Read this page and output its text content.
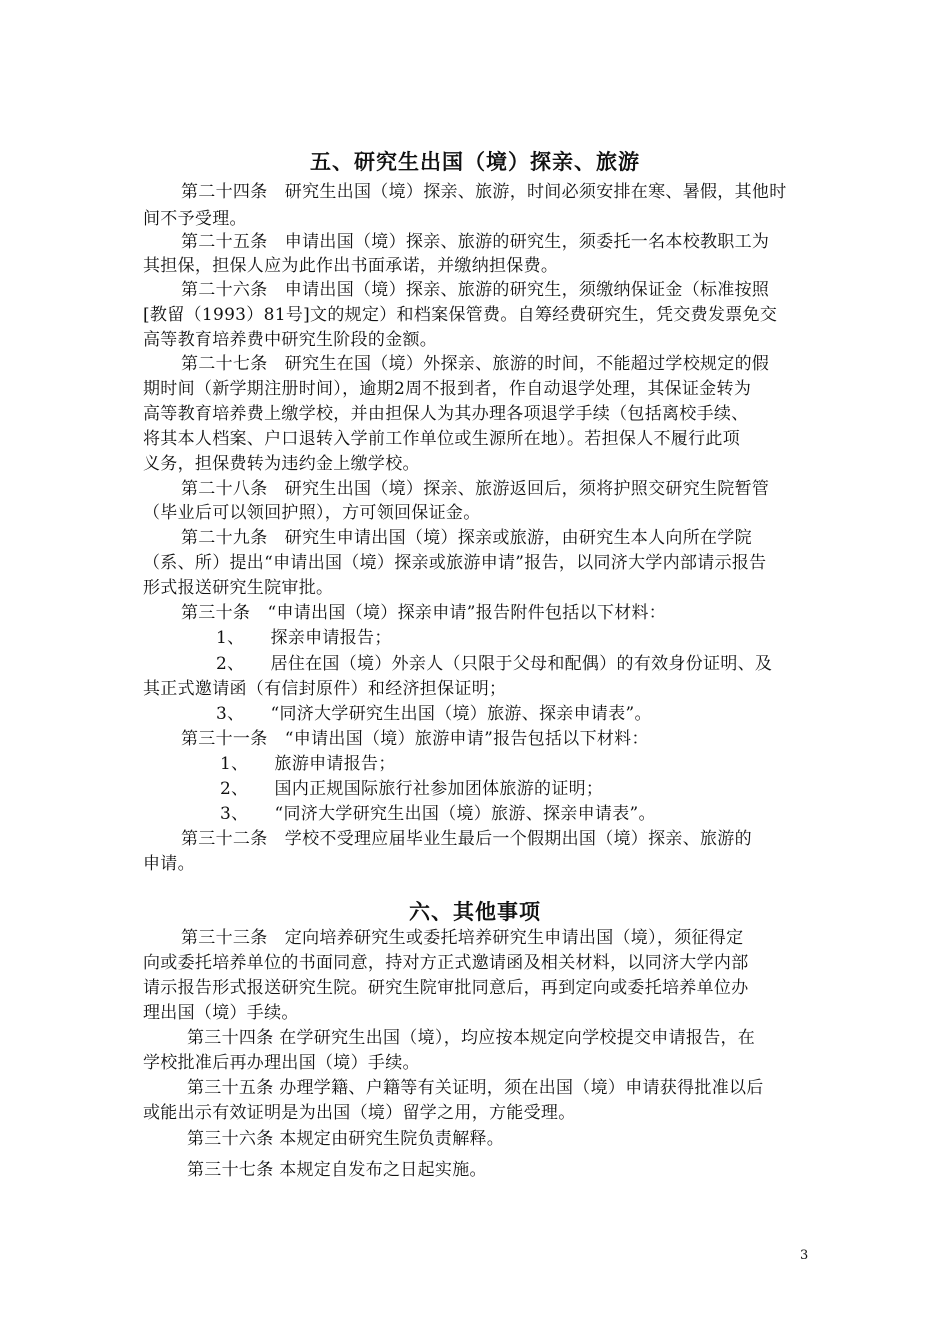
五、研究生出国（境）探亲、旅游
第二十四条　研究生出国（境）探亲、旅游，时间必须安排在寒、暑假，其他时
间不予受理。
第二十五条　申请出国（境）探亲、旅游的研究生，须委托一名本校教职工为
其担保，担保人应为此作出书面承诺，并缴纳担保费。
第二十六条　申请出国（境）探亲、旅游的研究生，须缴纳保证金（标准按照
[教留（1993）81号]文的规定）和档案保管费。自筹经费研究生，凭交费发票免交
高等教育培养费中研究生阶段的金额。
第二十七条　研究生在国（境）外探亲、旅游的时间，不能超过学校规定的假
期时间（新学期注册时间），逾期2周不报到者，作自动退学处理，其保证金转为
高等教育培养费上缴学校，并由担保人为其办理各项退学手续（包括离校手续、
将其本人档案、户口退转入学前工作单位或生源所在地）。若担保人不履行此项
义务，担保费转为违约金上缴学校。
第二十八条　研究生出国（境）探亲、旅游返回后，须将护照交研究生院暂管
（毕业后可以领回护照），方可领回保证金。
第二十九条　研究生申请出国（境）探亲或旅游，由研究生本人向所在学院
（系、所）提出“申请出国（境）探亲或旅游申请”报告，以同济大学内部请示报告
形式报送研究生院审批。
第三十条　“申请出国（境）探亲申请”报告附件包括以下材料：
1、　　探亲申请报告；
2、　　居住在国（境）外亲人（只限于父母和配偶）的有效身份证明、及
其正式邀请函（有信封原件）和经济担保证明；
3、　　“同济大学研究生出国（境）旅游、探亲申请表”。
第三十一条　“申请出国（境）旅游申请”报告包括以下材料：
1、　　旅游申请报告；
2、　　国内正规国际旅行社参加团体旅游的证明；
3、　　“同济大学研究生出国（境）旅游、探亲申请表”。
第三十二条　学校不受理应届毕业生最后一个假期出国（境）探亲、旅游的
申请。
六、其他事项
第三十三条　定向培养研究生或委托培养研究生申请出国（境），须征得定
向或委托培养单位的书面同意，持对方正式邀请函及相关材料，以同济大学内部
请示报告形式报送研究生院。研究生院审批同意后，再到定向或委托培养单位办
理出国（境）手续。
第三十四条 在学研究生出国（境），均应按本规定向学校提交申请报告，在
学校批准后再办理出国（境）手续。
第三十五条 办理学籍、户籍等有关证明，须在出国（境）申请获得批准以后
或能出示有效证明是为出国（境）留学之用，方能受理。
第三十六条 本规定由研究生院负责解释。
第三十七条 本规定自发布之日起实施。
3
